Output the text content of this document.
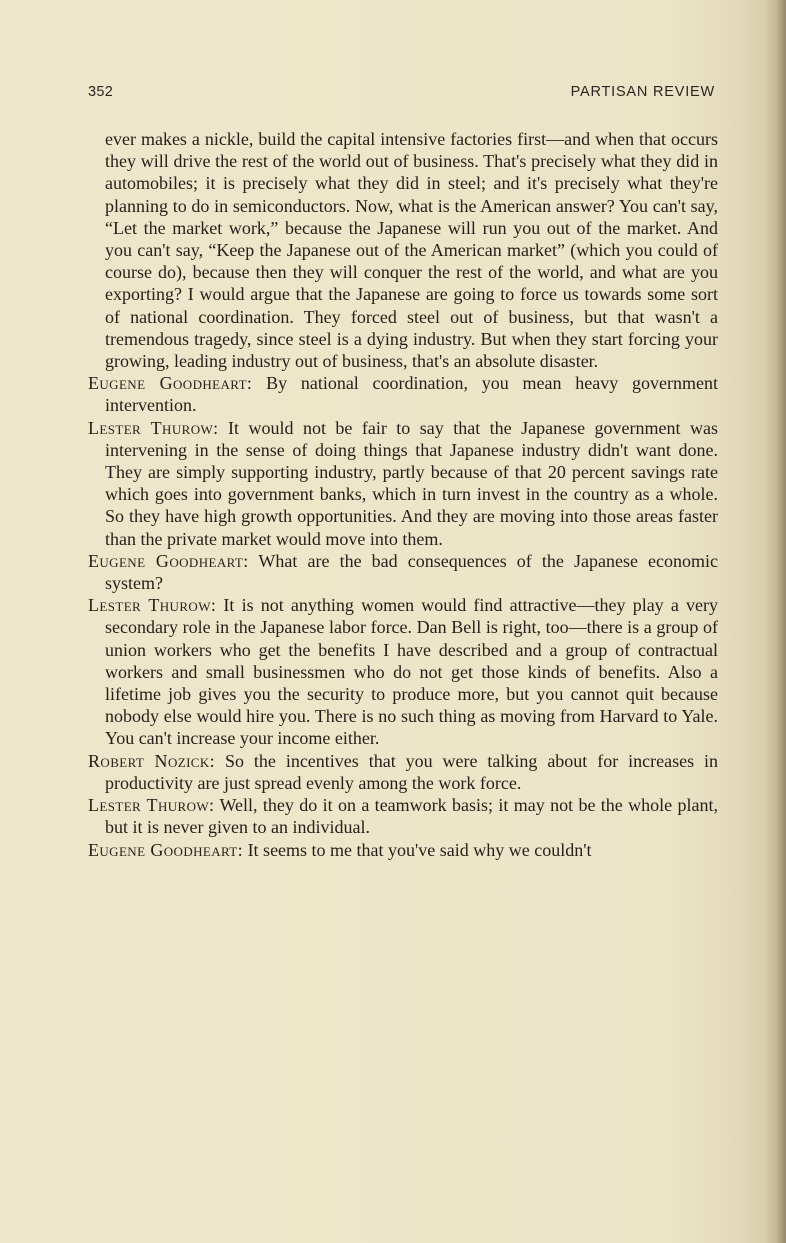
352	PARTISAN REVIEW

ever makes a nickle, build the capital intensive factories first—and when that occurs they will drive the rest of the world out of business. That's precisely what they did in automobiles; it is precisely what they did in steel; and it's precisely what they're planning to do in semiconductors. Now, what is the American answer? You can't say, “Let the market work,” because the Japanese will run you out of the market. And you can't say, “Keep the Japanese out of the American market” (which you could of course do), because then they will conquer the rest of the world, and what are you exporting? I would argue that the Japanese are going to force us towards some sort of national coordination. They forced steel out of business, but that wasn't a tremendous tragedy, since steel is a dying industry. But when they start forcing your growing, leading industry out of business, that's an absolute disaster.

Eugene Goodheart: By national coordination, you mean heavy government intervention.

Lester Thurow: It would not be fair to say that the Japanese government was intervening in the sense of doing things that Japanese industry didn't want done. They are simply supporting industry, partly because of that 20 percent savings rate which goes into government banks, which in turn invest in the country as a whole. So they have high growth opportunities. And they are moving into those areas faster than the private market would move into them.

Eugene Goodheart: What are the bad consequences of the Japanese economic system?

Lester Thurow: It is not anything women would find attractive—they play a very secondary role in the Japanese labor force. Dan Bell is right, too—there is a group of union workers who get the benefits I have described and a group of contractual workers and small businessmen who do not get those kinds of benefits. Also a lifetime job gives you the security to produce more, but you cannot quit because nobody else would hire you. There is no such thing as moving from Harvard to Yale. You can't increase your income either.

Robert Nozick: So the incentives that you were talking about for increases in productivity are just spread evenly among the work force.

Lester Thurow: Well, they do it on a teamwork basis; it may not be the whole plant, but it is never given to an individual.

Eugene Goodheart: It seems to me that you've said why we couldn't
